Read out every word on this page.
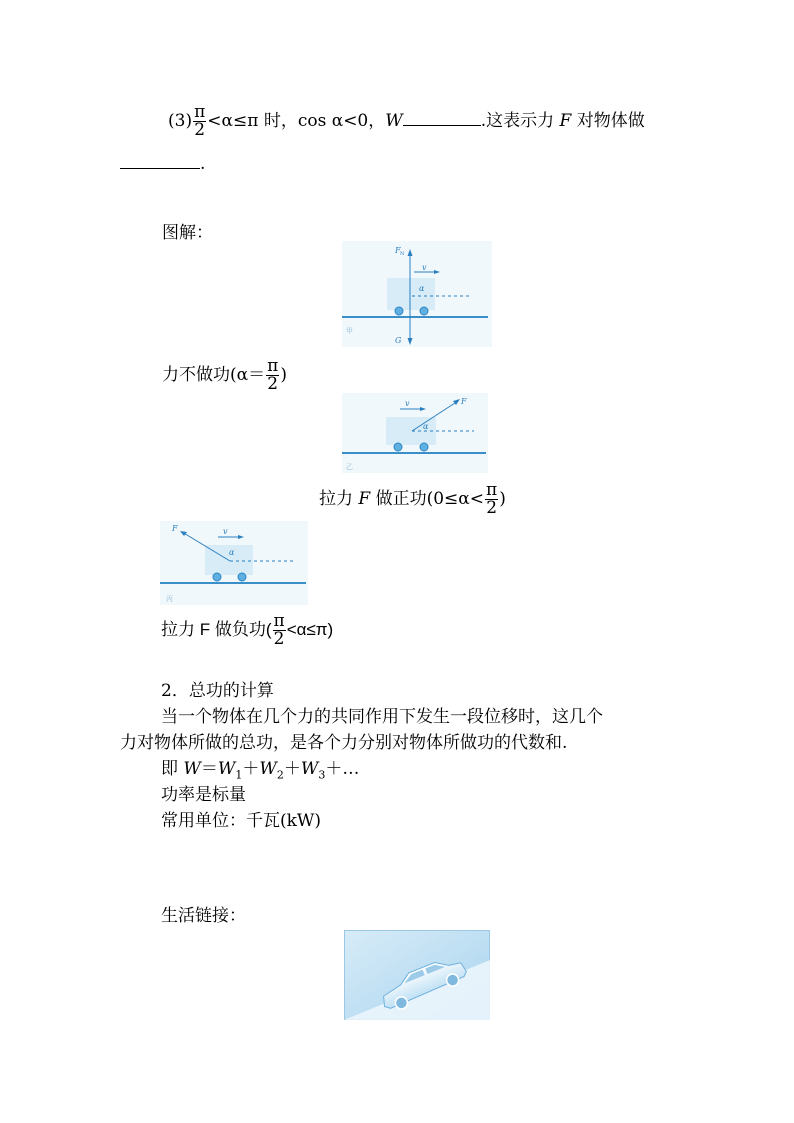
$(3) \frac{\pi}{2} <\alpha\le\pi$ 时，cos α<0，W	.这表示力 F 对物体做
.
图解：
F N
v
α
G
甲
力不做功($\alpha= \frac{\pi}{2}$ )
v	F
α
乙
拉力
F
做正功($0\le\alpha< \frac{\pi}{2}$ )
v
F
α
丙
拉力 F 做负功( $\frac{\pi}{2} <\alpha\le\pi$)
2．总功的计算
当一个物体在几个力的共同作用下发生一段位移时，这几个
力对物体所做的总功，是各个力分别对物体所做功的代数和.
即 $W=W_1+W_2+W_3+\dots$
功率是标量
常用单位：千瓦(kW)
生活链接：
